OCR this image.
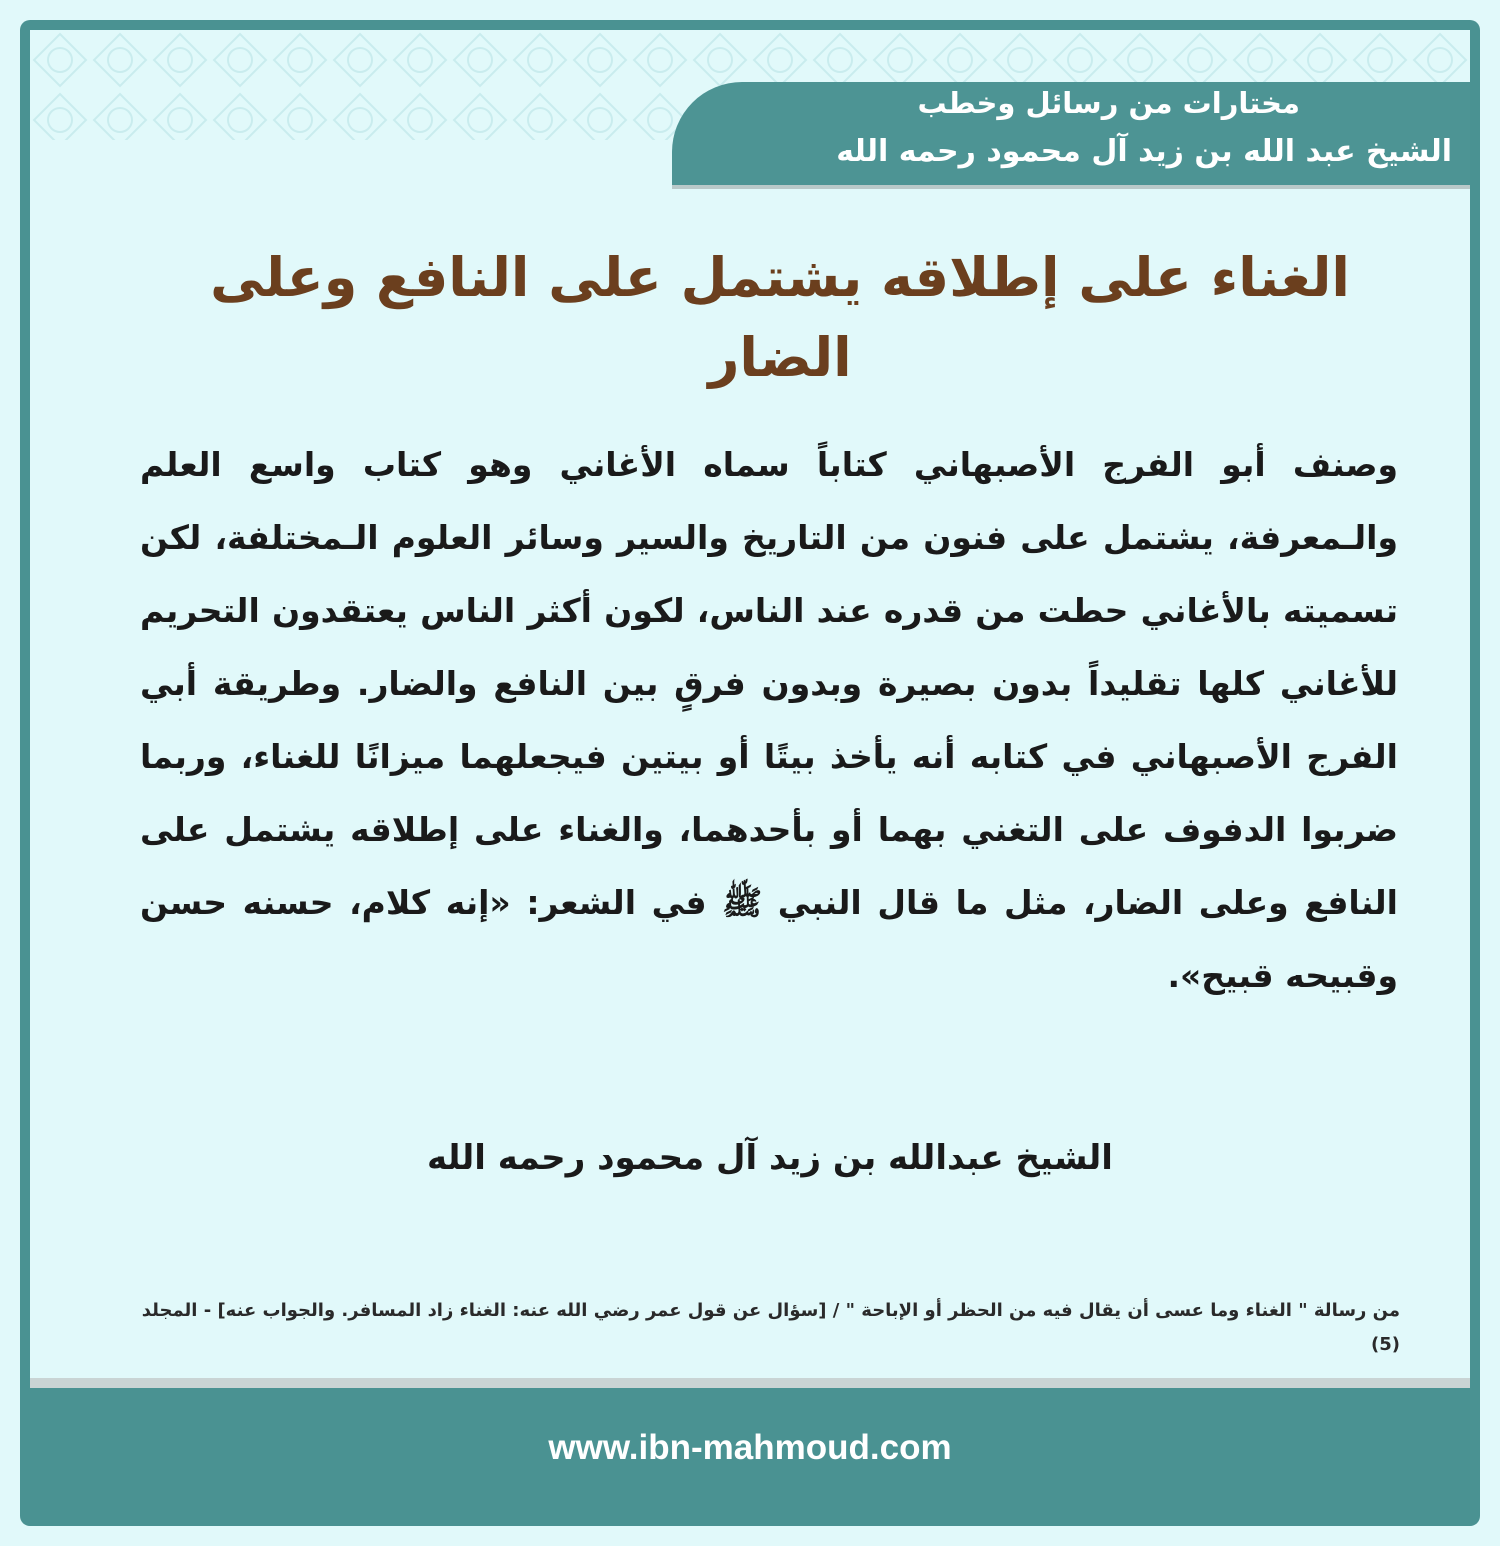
مختارات من رسائل وخطب
الشيخ عبد الله بن زيد آل محمود رحمه الله
الغناء على إطلاقه يشتمل على النافع وعلى الضار
وصنف أبو الفرج الأصبهاني كتاباً سماه الأغاني وهو كتاب واسع العلم والـمعرفة، يشتمل على فنون من التاريخ والسير وسائر العلوم الـمختلفة، لكن تسميته بالأغاني حطت من قدره عند الناس، لكون أكثر الناس يعتقدون التحريم للأغاني كلها تقليداً بدون بصيرة وبدون فرقٍ بين النافع والضار. وطريقة أبي الفرج الأصبهاني في كتابه أنه يأخذ بيتًا أو بيتين فيجعلهما ميزانًا للغناء، وربما ضربوا الدفوف على التغني بهما أو بأحدهما، والغناء على إطلاقه يشتمل على النافع وعلى الضار، مثل ما قال النبي ﷺ في الشعر: «إنه كلام، حسنه حسن وقبيحه قبيح».
الشيخ عبدالله بن زيد آل محمود رحمه الله
من رسالة " الغناء وما عسى أن يقال فيه من الحظر أو الإباحة " / [سؤال عن قول عمر رضي الله عنه: الغناء زاد المسافر. والجواب عنه] - المجلد (5)
www.ibn-mahmoud.com
